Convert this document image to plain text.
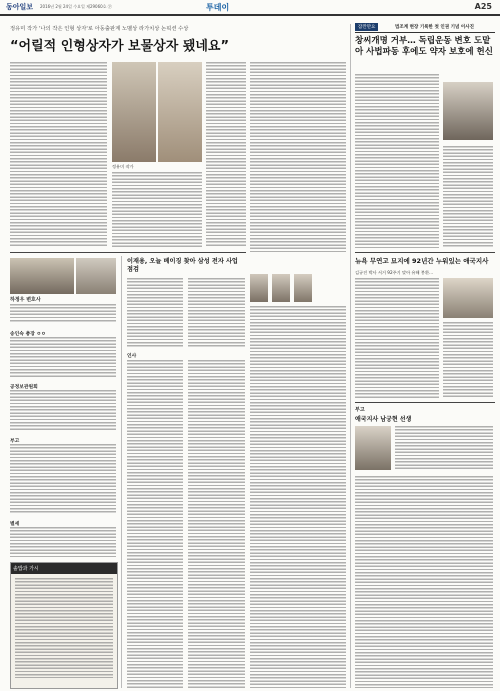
동아일보 2016년 2월 24일 수요일 제29060호 ㊦	투데이	A25
정유미 작가 '나의 작은 인형 상자'로 아동출판계 노벨상 라가치상 논픽션 수상
“어릴적 인형상자가 보물상자 됐네요”
정유미 작가
하정우 변호사
송인숙 총장 ㅇㅇ
공정보관원회
부고
별세
솔밥과 가시
이재용, 오늘 베이징 찾아 삼성 전자 사업 점검
인사
잠깐만요	법조계 현장 기록한 첫 인권 기념 이사진
창씨개명 거부… 독립운동 변호 도맡아 사법파동 후에도 약자 보호에 헌신
뉴욕 무연고 묘지에 92년간 누워있는 애국지사
김규진 박사 서거 92주기 맞아 유해 봉환…
부고
애국지사 남궁현 선생
